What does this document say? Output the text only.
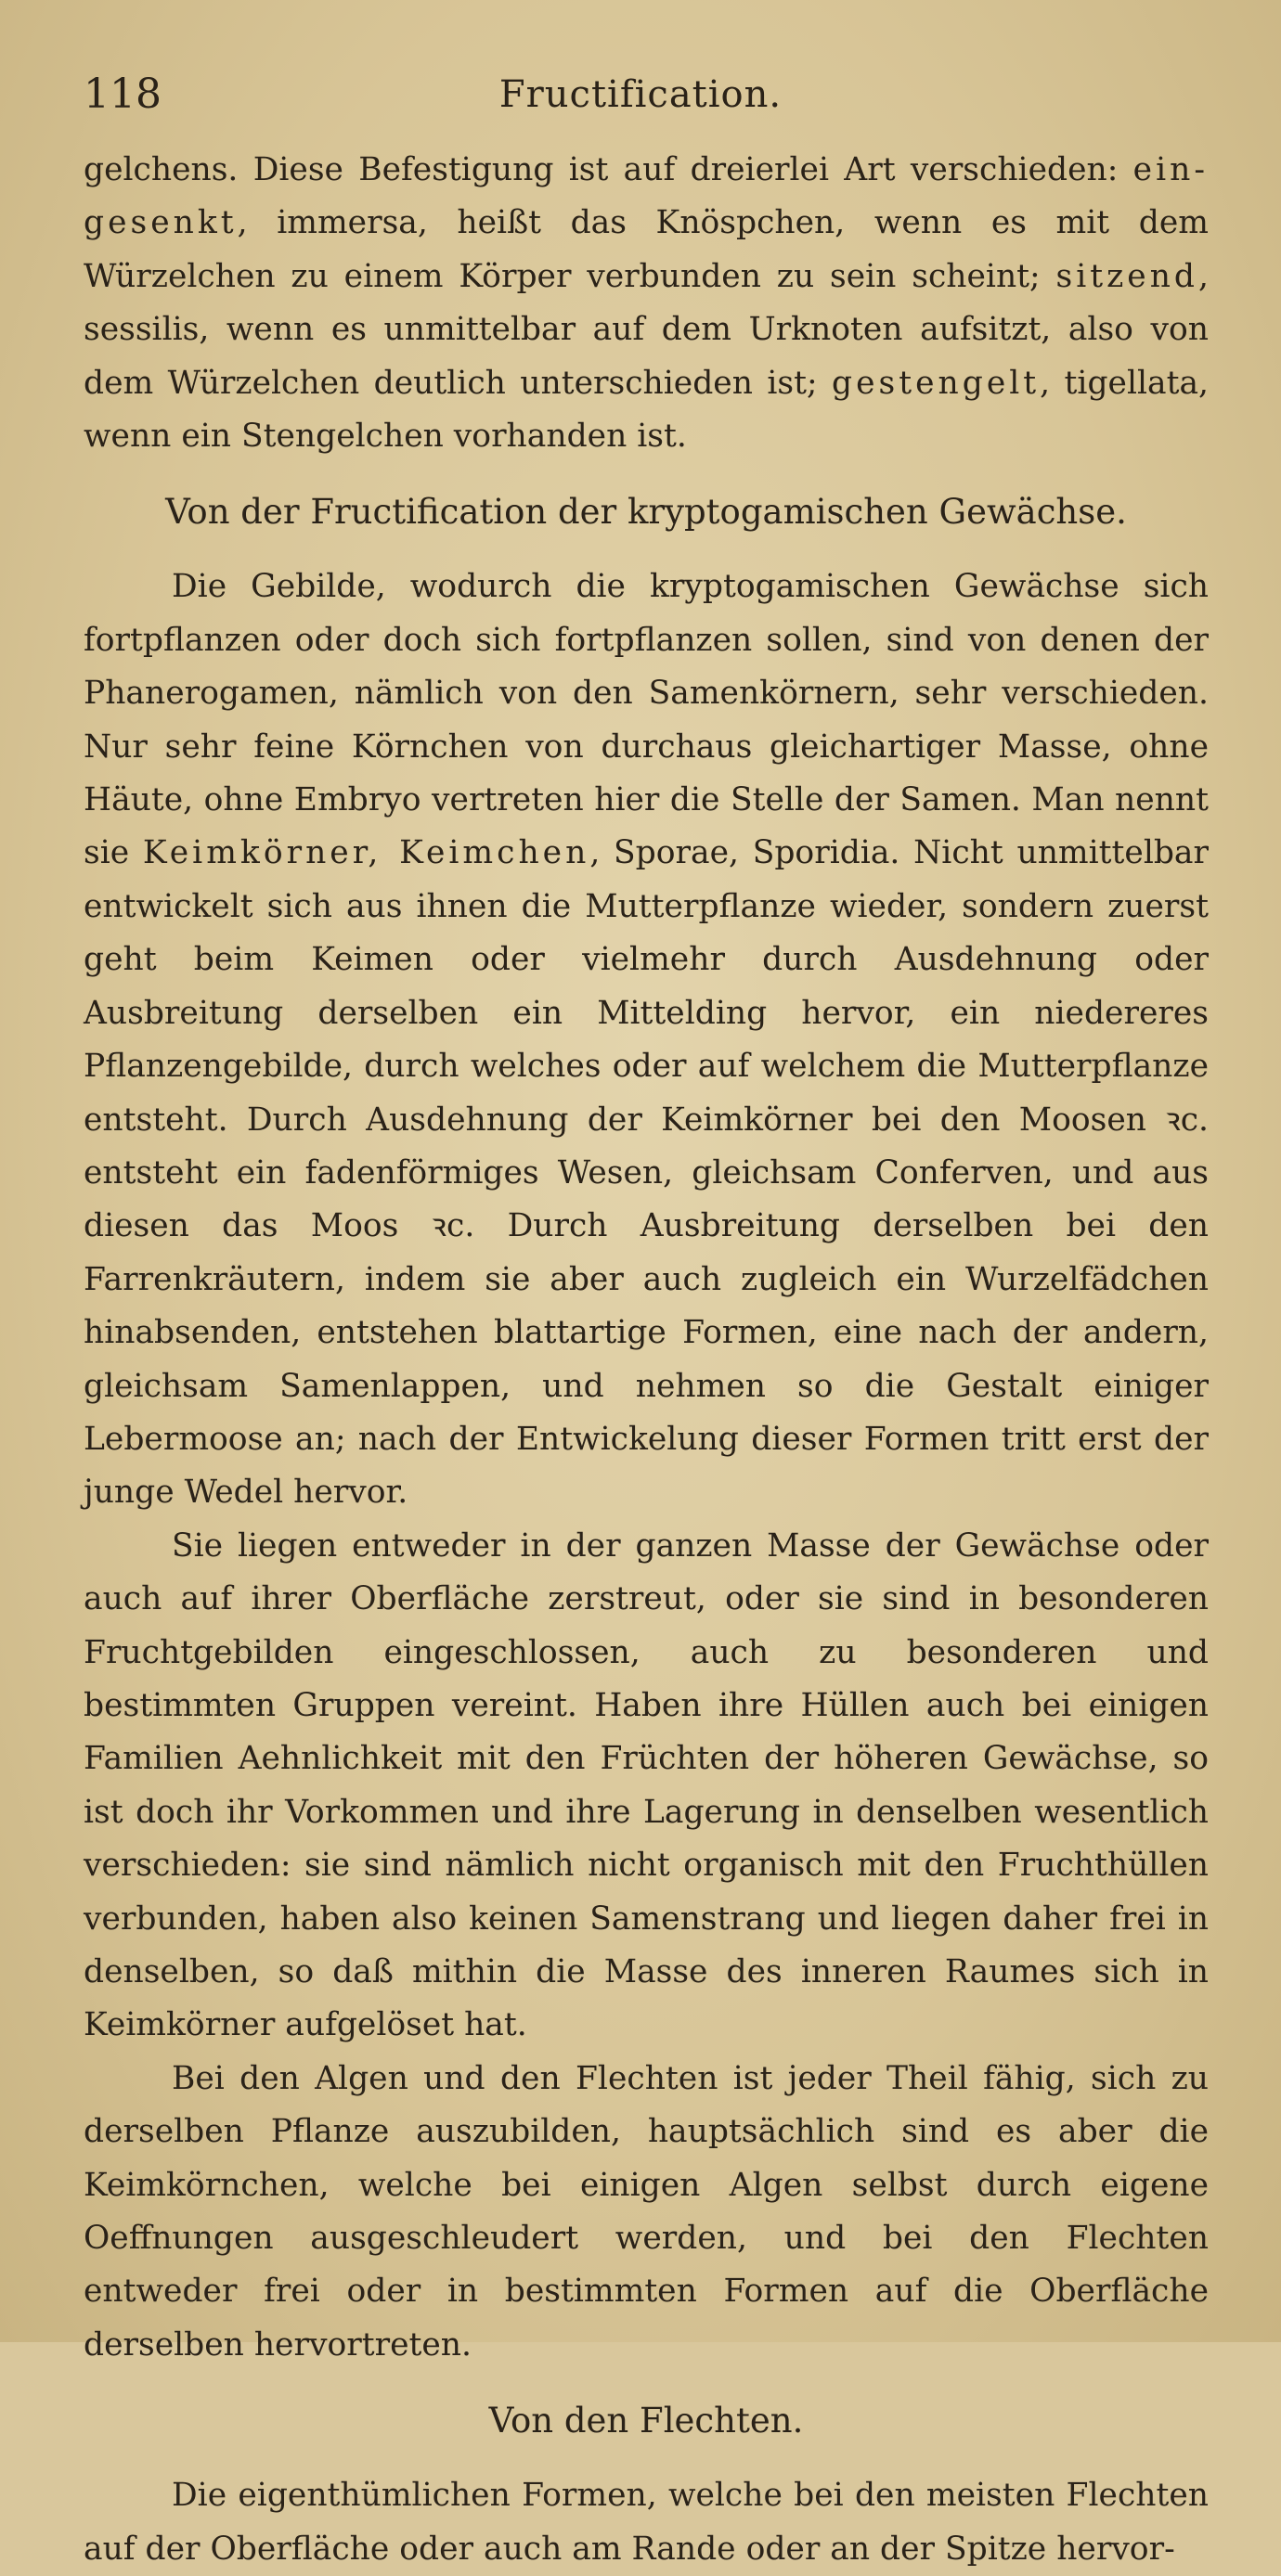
118	Fructification.

gelchens. Diese Befestigung ist auf dreierlei Art verschieden: ein-gesenkt, immersa, heißt das Knöspchen, wenn es mit dem Würzelchen zu einem Körper verbunden zu sein scheint; sitzend, sessilis, wenn es unmittelbar auf dem Urknoten aufsitzt, also von dem Würzelchen deutlich unterschieden ist; gestengelt, tigellata, wenn ein Stengelchen vorhanden ist.

Von der Fructification der kryptogamischen Gewächse.

Die Gebilde, wodurch die kryptogamischen Gewächse sich fortpflanzen oder doch sich fortpflanzen sollen, sind von denen der Phanerogamen, nämlich von den Samenkörnern, sehr verschieden. Nur sehr feine Körnchen von durchaus gleichartiger Masse, ohne Häute, ohne Embryo vertreten hier die Stelle der Samen. Man nennt sie Keimkörner, Keimchen, Sporae, Sporidia. Nicht unmittelbar entwickelt sich aus ihnen die Mutterpflanze wieder, sondern zuerst geht beim Keimen oder vielmehr durch Ausdehnung oder Ausbreitung derselben ein Mittelding hervor, ein niedereres Pflanzengebilde, durch welches oder auf welchem die Mutterpflanze entsteht. Durch Ausdehnung der Keimkörner bei den Moosen ꝛc. entsteht ein fadenförmiges Wesen, gleichsam Conferven, und aus diesen das Moos ꝛc. Durch Ausbreitung derselben bei den Farrenkräutern, indem sie aber auch zugleich ein Wurzelfädchen hinabsenden, entstehen blattartige Formen, eine nach der andern, gleichsam Samenlappen, und nehmen so die Gestalt einiger Lebermoose an; nach der Entwickelung dieser Formen tritt erst der junge Wedel hervor.

Sie liegen entweder in der ganzen Masse der Gewächse oder auch auf ihrer Oberfläche zerstreut, oder sie sind in besonderen Fruchtgebilden eingeschlossen, auch zu besonderen und bestimmten Gruppen vereint. Haben ihre Hüllen auch bei einigen Familien Aehnlichkeit mit den Früchten der höheren Gewächse, so ist doch ihr Vorkommen und ihre Lagerung in denselben wesentlich verschieden: sie sind nämlich nicht organisch mit den Fruchthüllen verbunden, haben also keinen Samenstrang und liegen daher frei in denselben, so daß mithin die Masse des inneren Raumes sich in Keimkörner aufgelöset hat.

Bei den Algen und den Flechten ist jeder Theil fähig, sich zu derselben Pflanze auszubilden, hauptsächlich sind es aber die Keimkörnchen, welche bei einigen Algen selbst durch eigene Oeffnungen ausgeschleudert werden, und bei den Flechten entweder frei oder in bestimmten Formen auf die Oberfläche derselben hervortreten.

Von den Flechten.

Die eigenthümlichen Formen, welche bei den meisten Flechten auf der Oberfläche oder auch am Rande oder an der Spitze hervor-
